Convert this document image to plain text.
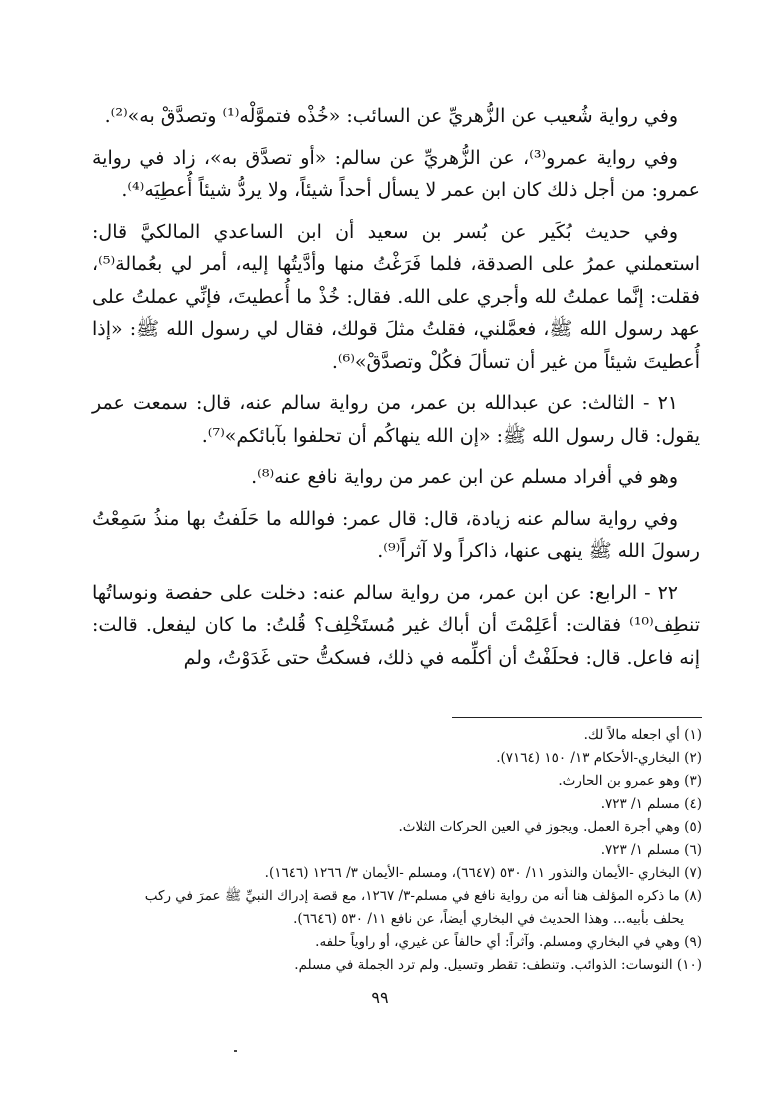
وفي رواية شُعيب عن الزُّهريِّ عن السائب: «خُذْه فتموَّلْه⁽¹⁾ وتصدَّقْ به»⁽²⁾.

وفي رواية عمرو⁽³⁾، عن الزُّهريِّ عن سالم: «أو تصدَّق به»، زاد في رواية عمرو: من أجل ذلك كان ابن عمر لا يسأل أحداً شيئاً، ولا يردُّ شيئاً أُعطِيَه⁽⁴⁾.

وفي حديث بُكَير عن بُسر بن سعيد أن ابن الساعدي المالكيَّ قال: استعملني عمرُ على الصدقة، فلما فَرَغْتُ منها وأدَّيتُها إليه، أمر لي بعُمالة⁽⁵⁾، فقلت: إنَّما عملتُ لله وأجري على الله. فقال: خُذْ ما أُعطيتَ، فإنِّي عملتُ على عهد رسول الله ﷺ، فعمَّلني، فقلتُ مثلَ قولك، فقال لي رسول الله ﷺ: «إذا أُعطيتَ شيئاً من غير أن تسألَ فكُلْ وتصدَّقْ»⁽⁶⁾.

٢١ - الثالث: عن عبدالله بن عمر، من رواية سالم عنه، قال: سمعت عمر يقول: قال رسول الله ﷺ: «إن الله ينهاكُم أن تحلفوا بآبائكم»⁽⁷⁾.

وهو في أفراد مسلم عن ابن عمر من رواية نافع عنه⁽⁸⁾.

وفي رواية سالم عنه زيادة، قال: قال عمر: فوالله ما حَلَفتُ بها منذُ سَمِعْتُ رسولَ الله ﷺ ينهى عنها، ذاكراً ولا آثراً⁽⁹⁾.

٢٢ - الرابع: عن ابن عمر، من رواية سالم عنه: دخلت على حفصة ونوساتُها تنطِف⁽¹⁰⁾ فقالت: أعَلِمْتَ أن أباك غير مُستَخْلِف؟ قُلتُ: ما كان ليفعل. قالت: إنه فاعل. قال: فحلَفْتُ أن أكلِّمه في ذلك، فسكتُّ حتى غَدَوْتُ، ولم

(١) أي اجعله مالاً لك.
(٢) البخاري-الأحكام ١٣/ ١٥٠ (٧١٦٤).
(٣) وهو عمرو بن الحارث.
(٤) مسلم ١/ ٧٢٣.
(٥) وهي أجرة العمل. ويجوز في العين الحركات الثلاث.
(٦) مسلم ١/ ٧٢٣.
(٧) البخاري -الأيمان والنذور ١١/ ٥٣٠ (٦٦٤٧)، ومسلم -الأيمان ٣/ ١٢٦٦ (١٦٤٦).
(٨) ما ذكره المؤلف هنا أنه من رواية نافع في مسلم-٣/ ١٢٦٧، مع قصة إدراك النبيِّ ﷺ عمرَ في ركب
يحلف بأبيه... وهذا الحديث في البخاري أيضاً، عن نافع ١١/ ٥٣٠ (٦٦٤٦).
(٩) وهي في البخاري ومسلم. وآثراً: أي حالفاً عن غيري، أو راوياً حلفه.
(١٠) النوسات: الذوائب. وتنطف: تقطر وتسيل. ولم ترد الجملة في مسلم.
٩٩
